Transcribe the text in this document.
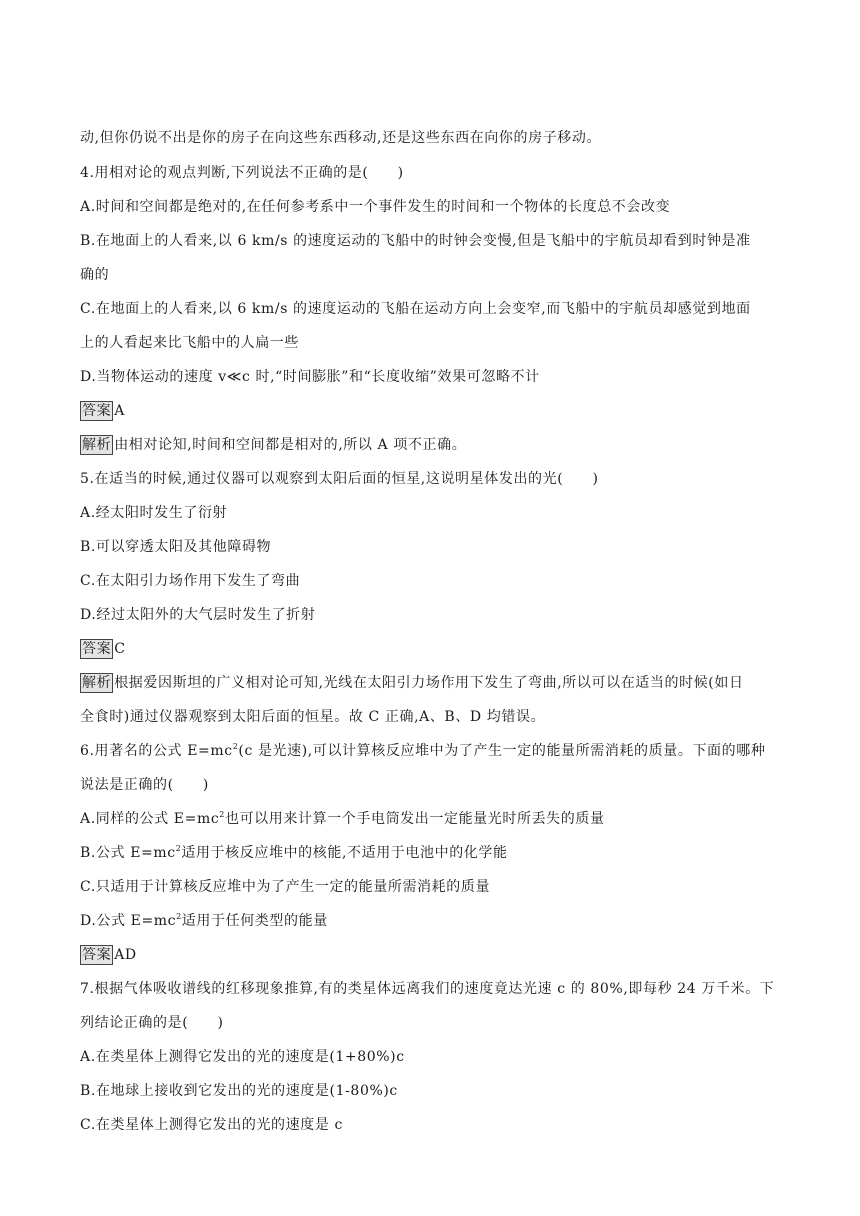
动,但你仍说不出是你的房子在向这些东西移动,还是这些东西在向你的房子移动。
4.用相对论的观点判断,下列说法不正确的是(　　)
A.时间和空间都是绝对的,在任何参考系中一个事件发生的时间和一个物体的长度总不会改变
B.在地面上的人看来,以 6 km/s 的速度运动的飞船中的时钟会变慢,但是飞船中的宇航员却看到时钟是准
确的
C.在地面上的人看来,以 6 km/s 的速度运动的飞船在运动方向上会变窄,而飞船中的宇航员却感觉到地面
上的人看起来比飞船中的人扁一些
D.当物体运动的速度 v≪c 时,“时间膨胀”和“长度收缩”效果可忽略不计
答案 A
解析 由相对论知,时间和空间都是相对的,所以 A 项不正确。
5.在适当的时候,通过仪器可以观察到太阳后面的恒星,这说明星体发出的光(　　)
A.经太阳时发生了衍射
B.可以穿透太阳及其他障碍物
C.在太阳引力场作用下发生了弯曲
D.经过太阳外的大气层时发生了折射
答案 C
解析 根据爱因斯坦的广义相对论可知,光线在太阳引力场作用下发生了弯曲,所以可以在适当的时候(如日
全食时)通过仪器观察到太阳后面的恒星。故 C 正确,A、B、D 均错误。
6.用著名的公式 $E=mc^2(c$ 是光速),可以计算核反应堆中为了产生一定的能量所需消耗的质量。下面的哪种
说法是正确的(　　)
A.同样的公式 $E=mc^2$也可以用来计算一个手电筒发出一定能量光时所丢失的质量
B.公式 $E=mc^2$适用于核反应堆中的核能,不适用于电池中的化学能
C.只适用于计算核反应堆中为了产生一定的能量所需消耗的质量
D.公式 $E=mc^2$适用于任何类型的能量
答案 AD
7.根据气体吸收谱线的红移现象推算,有的类星体远离我们的速度竟达光速 c 的 80%,即每秒 24 万千米。下
列结论正确的是(　　)
A.在类星体上测得它发出的光的速度是(1+80%)c
B.在地球上接收到它发出的光的速度是(1-80%)c
C.在类星体上测得它发出的光的速度是 c
